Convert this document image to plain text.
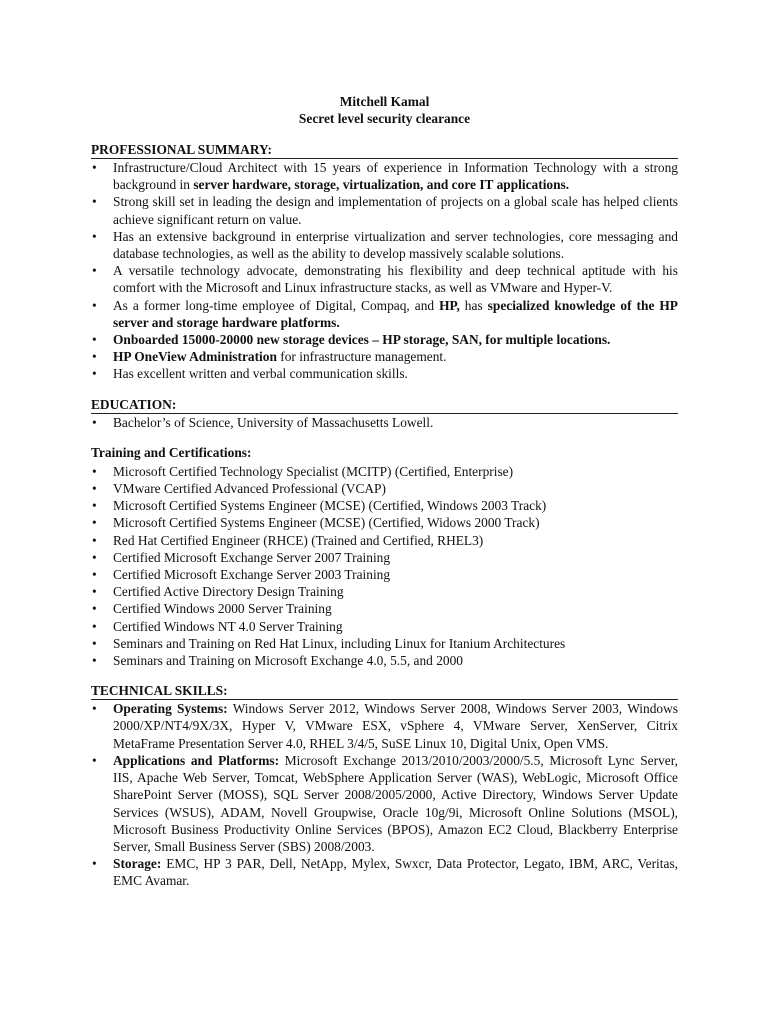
Mitchell Kamal
Secret level security clearance
PROFESSIONAL SUMMARY:
• Infrastructure/Cloud Architect with 15 years of experience in Information Technology with a strong background in server hardware, storage, virtualization, and core IT applications.
• Strong skill set in leading the design and implementation of projects on a global scale has helped clients achieve significant return on value.
• Has an extensive background in enterprise virtualization and server technologies, core messaging and database technologies, as well as the ability to develop massively scalable solutions.
• A versatile technology advocate, demonstrating his flexibility and deep technical aptitude with his comfort with the Microsoft and Linux infrastructure stacks, as well as VMware and Hyper-V.
• As a former long-time employee of Digital, Compaq, and HP, has specialized knowledge of the HP server and storage hardware platforms.
• Onboarded 15000-20000 new storage devices – HP storage, SAN, for multiple locations.
• HP OneView Administration for infrastructure management.
• Has excellent written and verbal communication skills.
EDUCATION:
• Bachelor’s of Science, University of Massachusetts Lowell.
Training and Certifications:
• Microsoft Certified Technology Specialist (MCITP) (Certified, Enterprise)
• VMware Certified Advanced Professional (VCAP)
• Microsoft Certified Systems Engineer (MCSE) (Certified, Windows 2003 Track)
• Microsoft Certified Systems Engineer (MCSE) (Certified, Widows 2000 Track)
• Red Hat Certified Engineer (RHCE) (Trained and Certified, RHEL3)
• Certified Microsoft Exchange Server 2007 Training
• Certified Microsoft Exchange Server 2003 Training
• Certified Active Directory Design Training
• Certified Windows 2000 Server Training
• Certified Windows NT 4.0 Server Training
• Seminars and Training on Red Hat Linux, including Linux for Itanium Architectures
• Seminars and Training on Microsoft Exchange 4.0, 5.5, and 2000
TECHNICAL SKILLS:
• Operating Systems: Windows Server 2012, Windows Server 2008, Windows Server 2003, Windows 2000/XP/NT4/9X/3X, Hyper V, VMware ESX, vSphere 4, VMware Server, XenServer, Citrix MetaFrame Presentation Server 4.0, RHEL 3/4/5, SuSE Linux 10, Digital Unix, Open VMS.
• Applications and Platforms: Microsoft Exchange 2013/2010/2003/2000/5.5, Microsoft Lync Server, IIS, Apache Web Server, Tomcat, WebSphere Application Server (WAS), WebLogic, Microsoft Office SharePoint Server (MOSS), SQL Server 2008/2005/2000, Active Directory, Windows Server Update Services (WSUS), ADAM, Novell Groupwise, Oracle 10g/9i, Microsoft Online Solutions (MSOL), Microsoft Business Productivity Online Services (BPOS), Amazon EC2 Cloud, Blackberry Enterprise Server, Small Business Server (SBS) 2008/2003.
• Storage: EMC, HP 3 PAR, Dell, NetApp, Mylex, Swxcr, Data Protector, Legato, IBM, ARC, Veritas, EMC Avamar.
